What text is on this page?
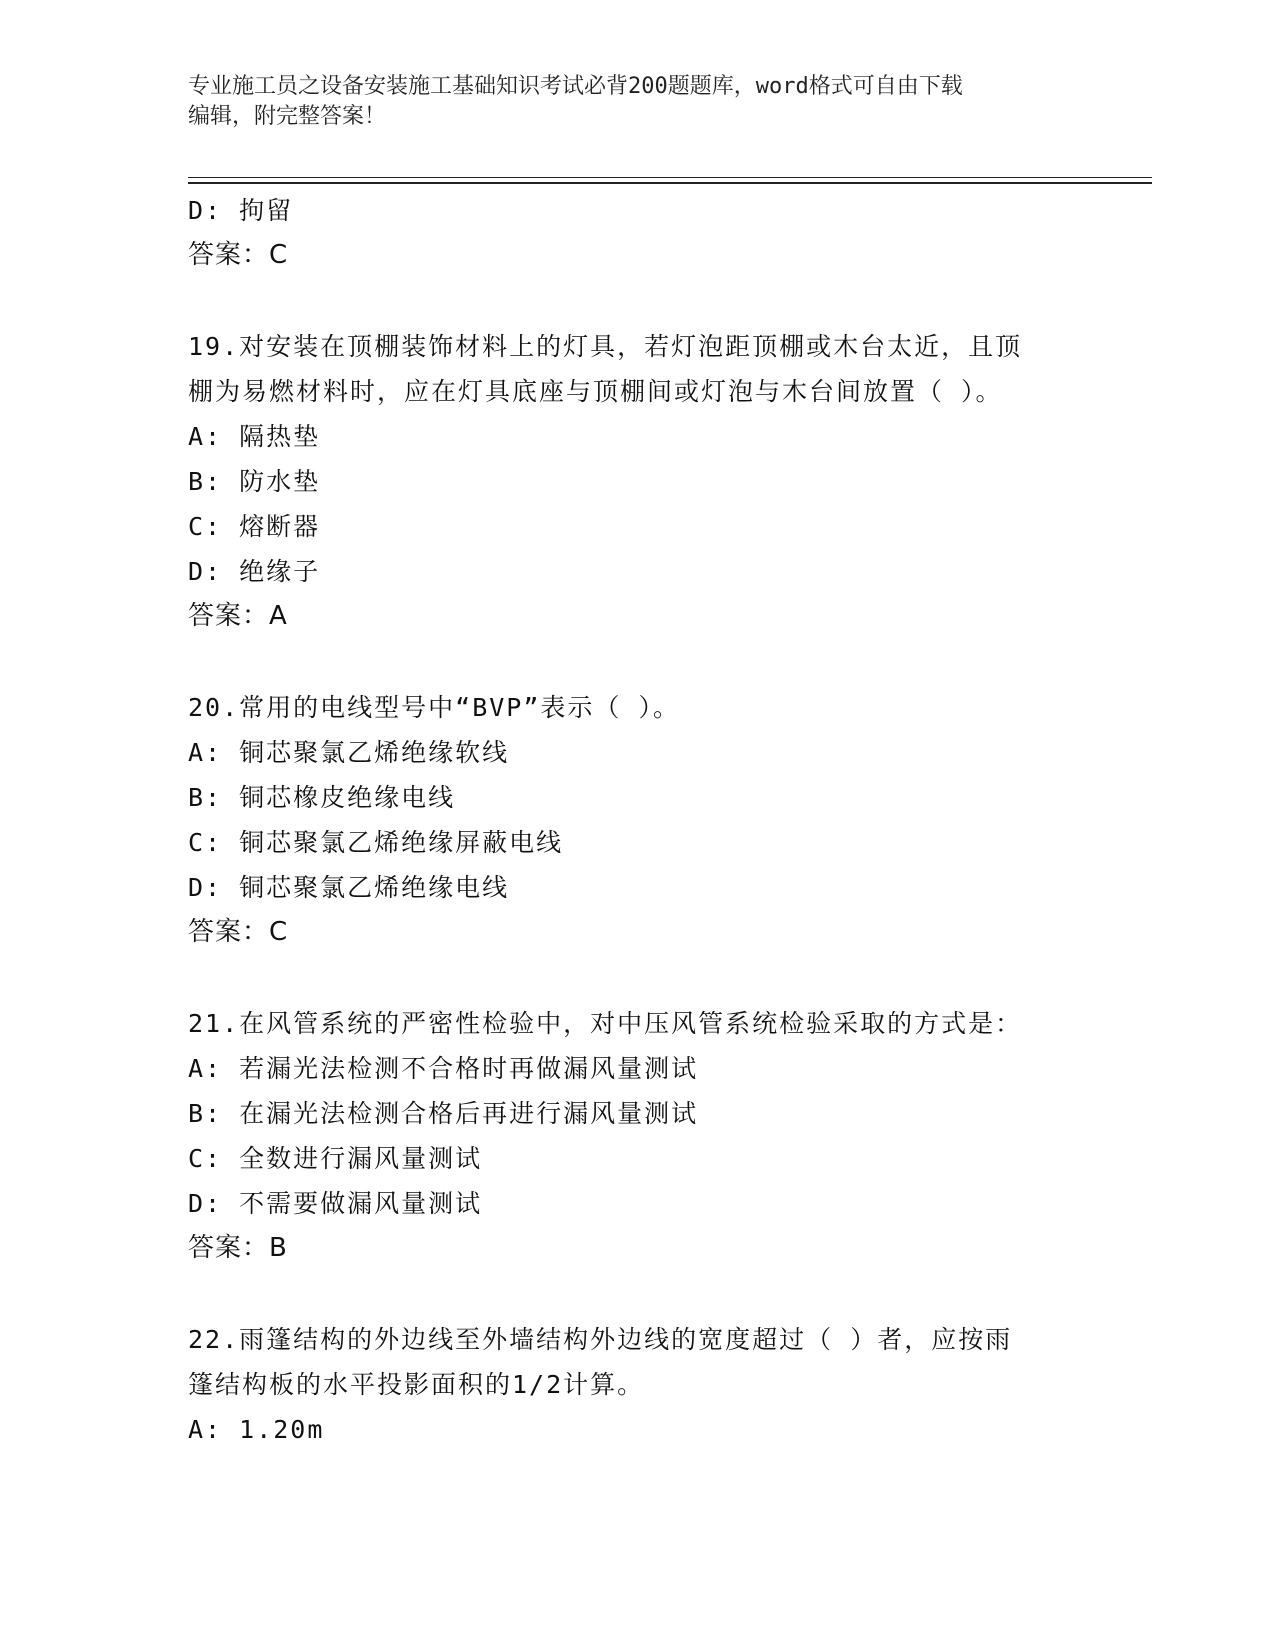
专业施工员之设备安装施工基础知识考试必背200题题库，word格式可自由下载
编辑，附完整答案！
D: 拘留
答案：C
19.对安装在顶棚装饰材料上的灯具，若灯泡距顶棚或木台太近，且顶
棚为易燃材料时，应在灯具底座与顶棚间或灯泡与木台间放置（ ）。
A: 隔热垫
B: 防水垫
C: 熔断器
D: 绝缘子
答案：A
20.常用的电线型号中“BVP”表示（ ）。
A: 铜芯聚氯乙烯绝缘软线
B: 铜芯橡皮绝缘电线
C: 铜芯聚氯乙烯绝缘屏蔽电线
D: 铜芯聚氯乙烯绝缘电线
答案：C
21.在风管系统的严密性检验中，对中压风管系统检验采取的方式是：
A: 若漏光法检测不合格时再做漏风量测试
B: 在漏光法检测合格后再进行漏风量测试
C: 全数进行漏风量测试
D: 不需要做漏风量测试
答案：B
22.雨篷结构的外边线至外墙结构外边线的宽度超过（ ）者，应按雨
篷结构板的水平投影面积的1/2计算。
A: 1.20m
